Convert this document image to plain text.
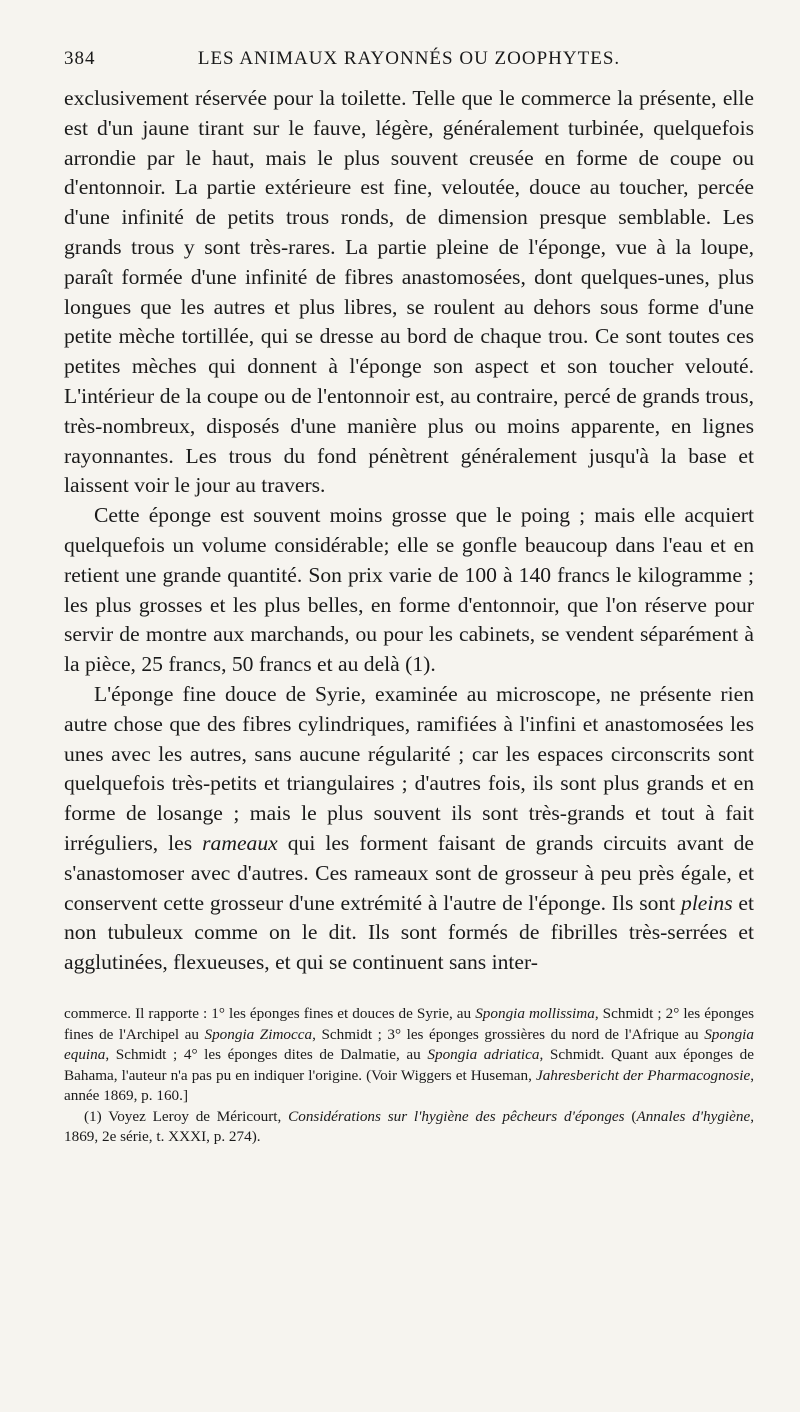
384	LES ANIMAUX RAYONNÉS OU ZOOPHYTES.

exclusivement réservée pour la toilette. Telle que le commerce la présente, elle est d'un jaune tirant sur le fauve, légère, généralement turbinée, quelquefois arrondie par le haut, mais le plus souvent creusée en forme de coupe ou d'entonnoir. La partie extérieure est fine, veloutée, douce au toucher, percée d'une infinité de petits trous ronds, de dimension presque semblable. Les grands trous y sont très-rares. La partie pleine de l'éponge, vue à la loupe, paraît formée d'une infinité de fibres anastomosées, dont quelques-unes, plus longues que les autres et plus libres, se roulent au dehors sous forme d'une petite mèche tortillée, qui se dresse au bord de chaque trou. Ce sont toutes ces petites mèches qui donnent à l'éponge son aspect et son toucher velouté. L'intérieur de la coupe ou de l'entonnoir est, au contraire, percé de grands trous, très-nombreux, disposés d'une manière plus ou moins apparente, en lignes rayonnantes. Les trous du fond pénètrent généralement jusqu'à la base et laissent voir le jour au travers.

Cette éponge est souvent moins grosse que le poing ; mais elle acquiert quelquefois un volume considérable; elle se gonfle beaucoup dans l'eau et en retient une grande quantité. Son prix varie de 100 à 140 francs le kilogramme ; les plus grosses et les plus belles, en forme d'entonnoir, que l'on réserve pour servir de montre aux marchands, ou pour les cabinets, se vendent séparément à la pièce, 25 francs, 50 francs et au delà (1).

L'éponge fine douce de Syrie, examinée au microscope, ne présente rien autre chose que des fibres cylindriques, ramifiées à l'infini et anastomosées les unes avec les autres, sans aucune régularité ; car les espaces circonscrits sont quelquefois très-petits et triangulaires ; d'autres fois, ils sont plus grands et en forme de losange ; mais le plus souvent ils sont très-grands et tout à fait irréguliers, les rameaux qui les forment faisant de grands circuits avant de s'anastomoser avec d'autres. Ces rameaux sont de grosseur à peu près égale, et conservent cette grosseur d'une extrémité à l'autre de l'éponge. Ils sont pleins et non tubuleux comme on le dit. Ils sont formés de fibrilles très-serrées et agglutinées, flexueuses, et qui se continuent sans inter-

commerce. Il rapporte : 1° les éponges fines et douces de Syrie, au Spongia mollissima, Schmidt ; 2° les éponges fines de l'Archipel au Spongia Zimocca, Schmidt ; 3° les éponges grossières du nord de l'Afrique au Spongia equina, Schmidt ; 4° les éponges dites de Dalmatie, au Spongia adriatica, Schmidt. Quant aux éponges de Bahama, l'auteur n'a pas pu en indiquer l'origine. (Voir Wiggers et Huseman, Jahresbericht der Pharmacognosie, année 1869, p. 160.]

(1) Voyez Leroy de Méricourt, Considérations sur l'hygiène des pêcheurs d'éponges (Annales d'hygiène, 1869, 2e série, t. XXXI, p. 274).
